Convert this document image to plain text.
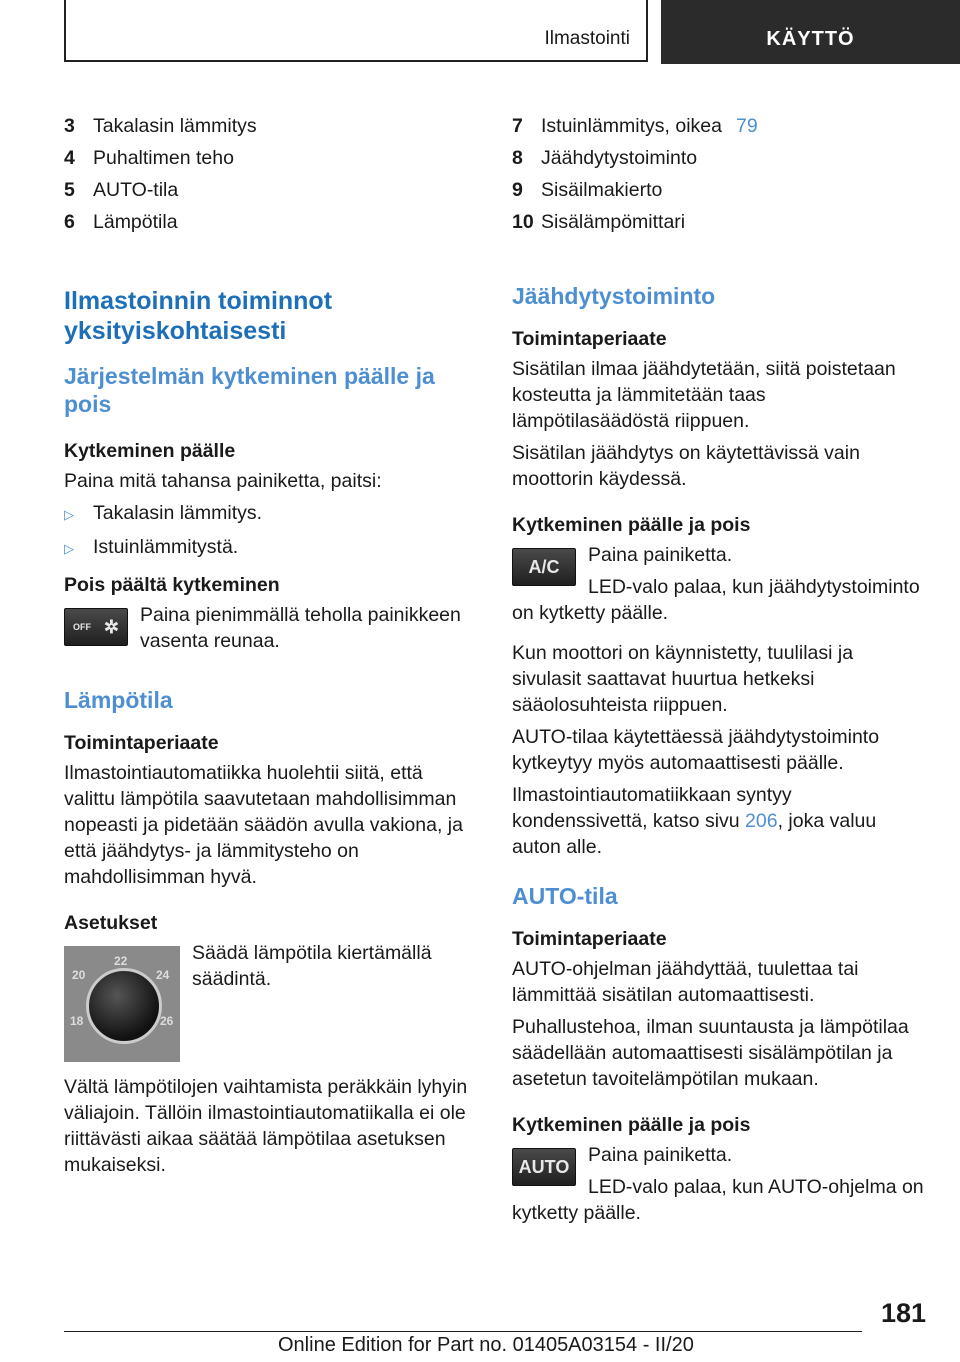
Ilmastointi	KÄYTTÖ
3 Takalasin lämmitys
4 Puhaltimen teho
5 AUTO-tila
6 Lämpötila
Ilmastoinnin toiminnot yksityiskohtaisesti
Järjestelmän kytkeminen päälle ja pois
Kytkeminen päälle

Paina mitä tahansa painiketta, paitsi:

▷ Takalasin lämmitys.
▷ Istuinlämmitystä.
Pois päältä kytkeminen
OFF ✲

Paina pienimmällä teholla painikkeen vasenta reunaa.

Lämpötila
Toimintaperiaate

Ilmastointiautomatiikka huolehtii siitä, että valittu lämpötila saavutetaan mahdollisimman nopeasti ja pidetään säädön avulla vakiona, ja että jäähdytys- ja lämmitysteho on mahdollisimman hyvä.

Asetukset
18
20
22
24
26

Säädä lämpötila kiertämällä säädintä.

Vältä lämpötilojen vaihtamista peräkkäin lyhyin väliajoin. Tällöin ilmastointiautomatiikalla ei ole riittävästi aikaa säätää lämpötilaa asetuksen mukaiseksi.

7 Istuinlämmitys, oikea 79
8 Jäähdytystoiminto
9 Sisäilmakierto
10 Sisälämpömittari
Jäähdytystoiminto
Toimintaperiaate

Sisätilan ilmaa jäähdytetään, siitä poistetaan kosteutta ja lämmitetään taas lämpötilasäädöstä riippuen.

Sisätilan jäähdytys on käytettävissä vain moottorin käydessä.

Kytkeminen päälle ja pois
A/C

Paina painiketta.

LED-valo palaa, kun jäähdytystoiminto on kytketty päälle.

Kun moottori on käynnistetty, tuulilasi ja sivulasit saattavat huurtua hetkeksi sääolosuhteista riippuen.

AUTO-tilaa käytettäessä jäähdytystoiminto kytkeytyy myös automaattisesti päälle.

Ilmastointiautomatiikkaan syntyy kondenssivettä, katso sivu 206, joka valuu auton alle.

AUTO-tila
Toimintaperiaate

AUTO-ohjelman jäähdyttää, tuulettaa tai lämmittää sisätilan automaattisesti.

Puhallustehoa, ilman suuntausta ja lämpötilaa säädellään automaattisesti sisälämpötilan ja asetetun tavoitelämpötilan mukaan.

Kytkeminen päälle ja pois
AUTO

Paina painiketta.

LED-valo palaa, kun AUTO-ohjelma on kytketty päälle.

181
Online Edition for Part no. 01405A03154 - II/20
